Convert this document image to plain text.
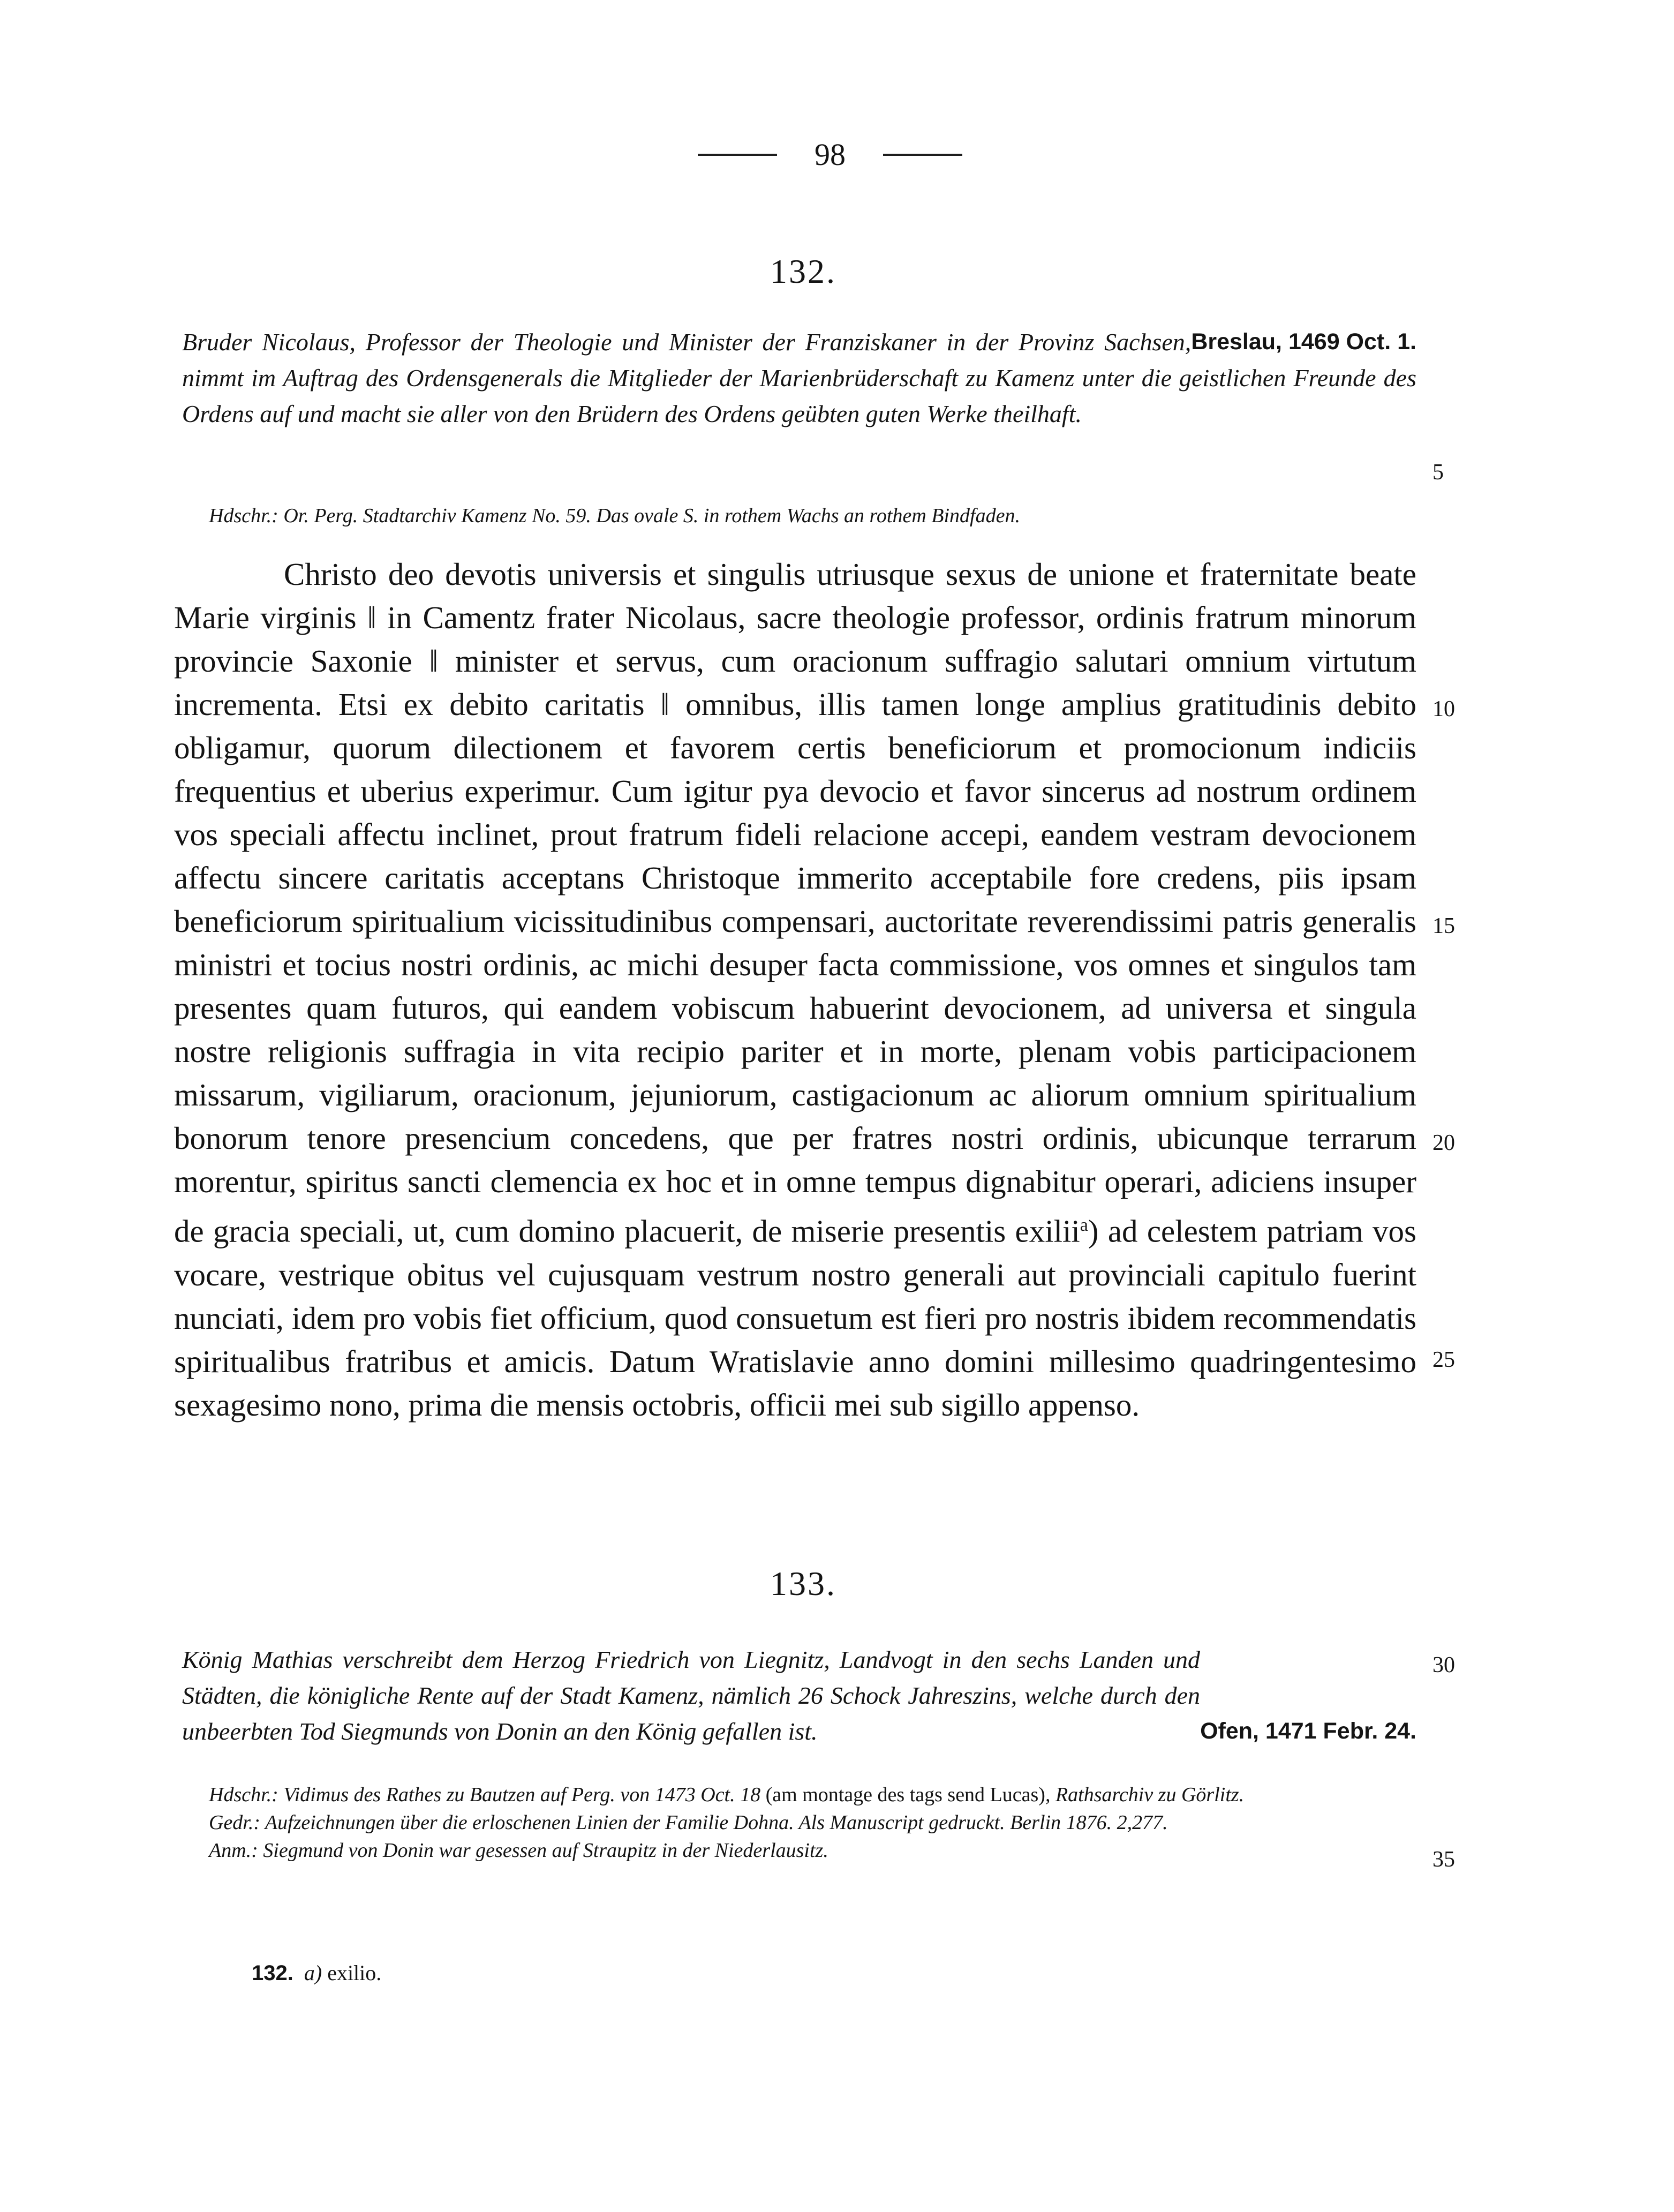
98
132.
Breslau, 1469 Oct. 1.
Bruder Nicolaus, Professor der Theologie und Minister der Franziskaner in der Provinz Sachsen, nimmt im Auftrag des Ordensgenerals die Mitglieder der Marienbrüderschaft zu Kamenz unter die geistlichen Freunde des Ordens auf und macht sie aller von den Brüdern des Ordens geübten guten Werke theilhaft.
Hdschr.: Or. Perg. Stadtarchiv Kamenz No. 59. Das ovale S. in rothem Wachs an rothem Bindfaden.
Christo deo devotis universis et singulis utriusque sexus de unione et fraternitate beate Marie virginis ‖ in Camentz frater Nicolaus, sacre theologie professor, ordinis fratrum minorum provincie Saxonie ‖ minister et servus, cum oracionum suffragio salutari omnium virtutum incrementa. Etsi ex debito caritatis ‖ omnibus, illis tamen longe amplius gratitudinis debito obligamur, quorum dilectionem et favorem certis beneficiorum et promocionum indiciis frequentius et uberius experimur. Cum igitur pya devocio et favor sincerus ad nostrum ordinem vos speciali affectu inclinet, prout fratrum fideli relacione accepi, eandem vestram devocionem affectu sincere caritatis acceptans Christoque immerito acceptabile fore credens, piis ipsam beneficiorum spiritualium vicissitudinibus compensari, auctoritate reverendissimi patris generalis ministri et tocius nostri ordinis, ac michi desuper facta commissione, vos omnes et singulos tam presentes quam futuros, qui eandem vobiscum habuerint devocionem, ad universa et singula nostre religionis suffragia in vita recipio pariter et in morte, plenam vobis participacionem missarum, vigiliarum, oracionum, jejuniorum, castigacionum ac aliorum omnium spiritualium bonorum tenore presencium concedens, que per fratres nostri ordinis, ubicunque terrarum morentur, spiritus sancti clemencia ex hoc et in omne tempus dignabitur operari, adiciens insuper de gracia speciali, ut, cum domino placuerit, de miserie presentis exilii$^a$) ad celestem patriam vos vocare, vestrique obitus vel cujusquam vestrum nostro generali aut provinciali capitulo fuerint nunciati, idem pro vobis fiet officium, quod consuetum est fieri pro nostris ibidem recommendatis spiritualibus fratribus et amicis. Datum Wratislavie anno domini millesimo quadringentesimo sexagesimo nono, prima die mensis octobris, officii mei sub sigillo appenso.
133.
Ofen, 1471 Febr. 24.
König Mathias verschreibt dem Herzog Friedrich von Liegnitz, Landvogt in den sechs Landen und Städten, die königliche Rente auf der Stadt Kamenz, nämlich 26 Schock Jahreszins, welche durch den unbeerbten Tod Siegmunds von Donin an den König gefallen ist.
Hdschr.: Vidimus des Rathes zu Bautzen auf Perg. von 1473 Oct. 18 (am montage des tags send Lucas), Rathsarchiv zu Görlitz.
Gedr.: Aufzeichnungen über die erloschenen Linien der Familie Dohna. Als Manuscript gedruckt. Berlin 1876. 2,277.
Anm.: Siegmund von Donin war gesessen auf Straupitz in der Niederlausitz.
5
10
15
20
25
30
35
132. a) exilio.
